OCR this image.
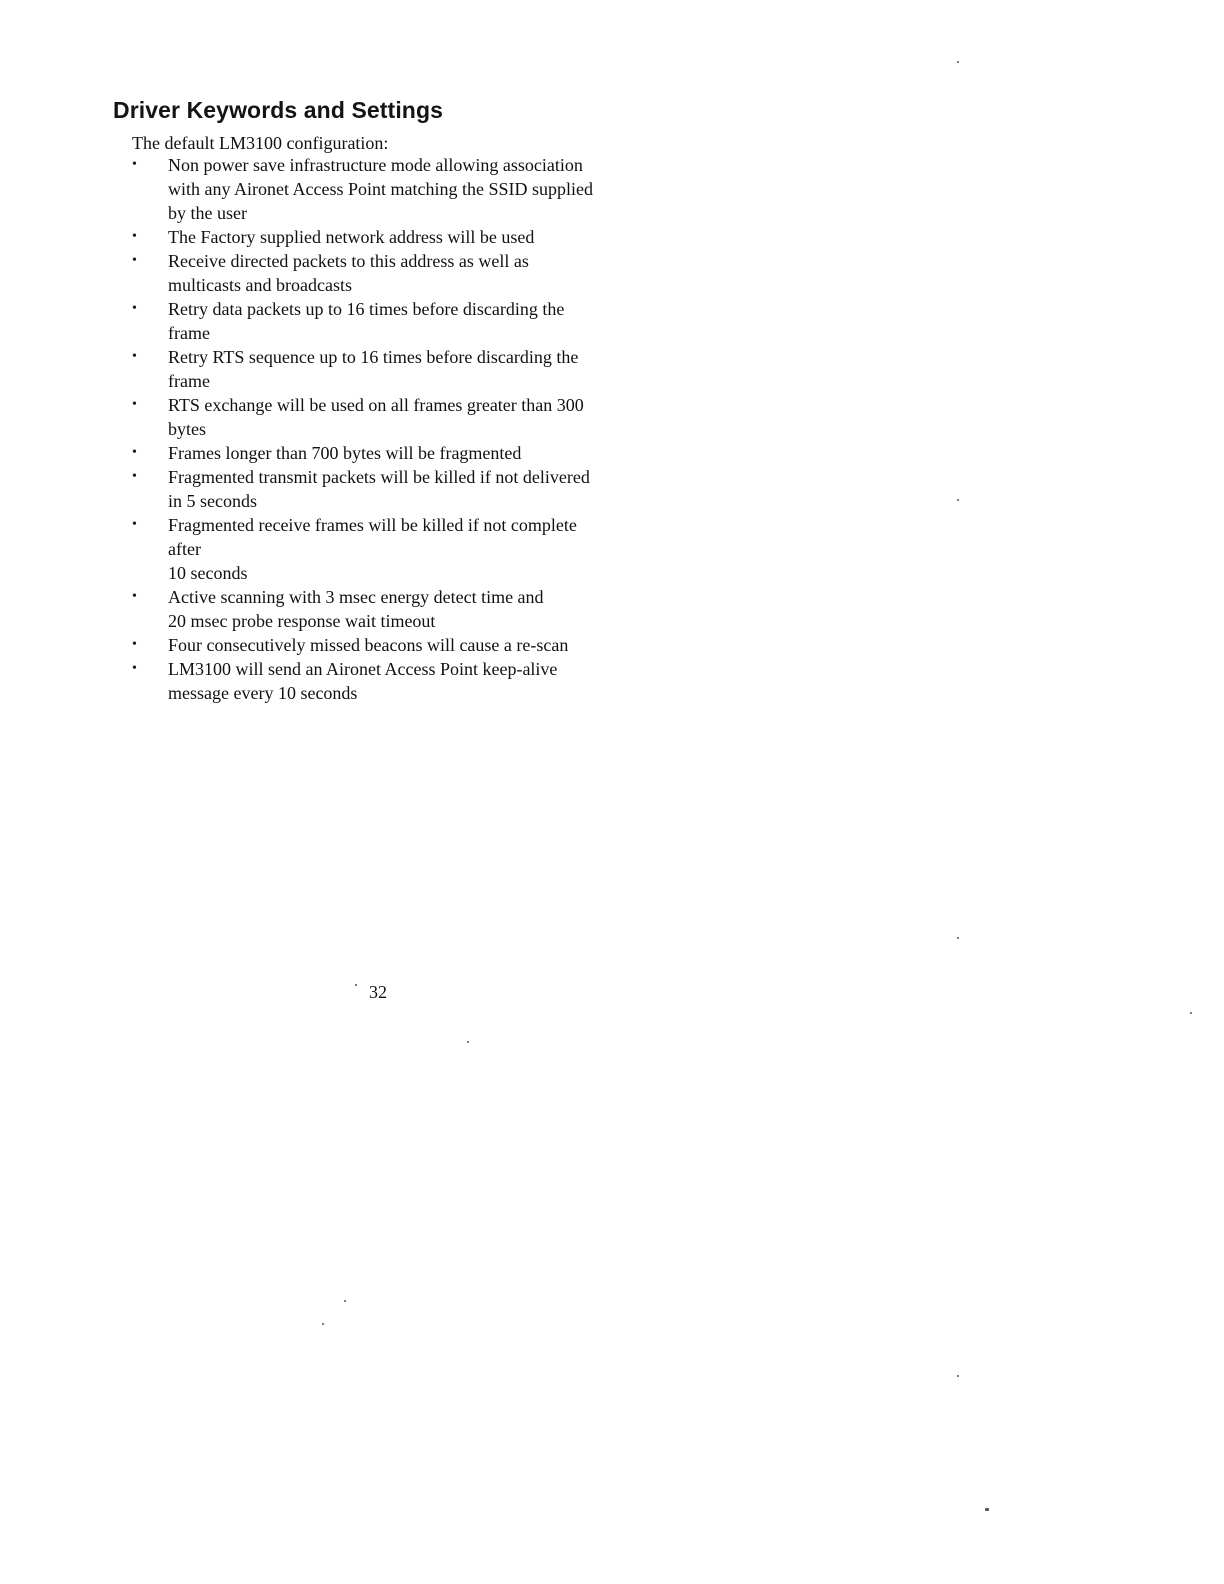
Driver Keywords and Settings

The default LM3100 configuration:

•	Non power save infrastructure mode allowing association
with any Aironet Access Point matching the SSID supplied
by the user
•	The Factory supplied network address will be used
•	Receive directed packets to this address as well as
multicasts and broadcasts
•	Retry data packets up to 16 times before discarding the
frame
•	Retry RTS sequence up to 16 times before discarding the
frame
•	RTS exchange will be used on all frames greater than 300
bytes
•	Frames longer than 700 bytes will be fragmented
•	Fragmented transmit packets will be killed if not delivered
in 5 seconds
•	Fragmented receive frames will be killed if not complete
after
10 seconds
•	Active scanning with 3 msec energy detect time and
20 msec probe response wait timeout
•	Four consecutively missed beacons will cause a re-scan
•	LM3100 will send an Aironet Access Point keep-alive
message every 10 seconds

32
